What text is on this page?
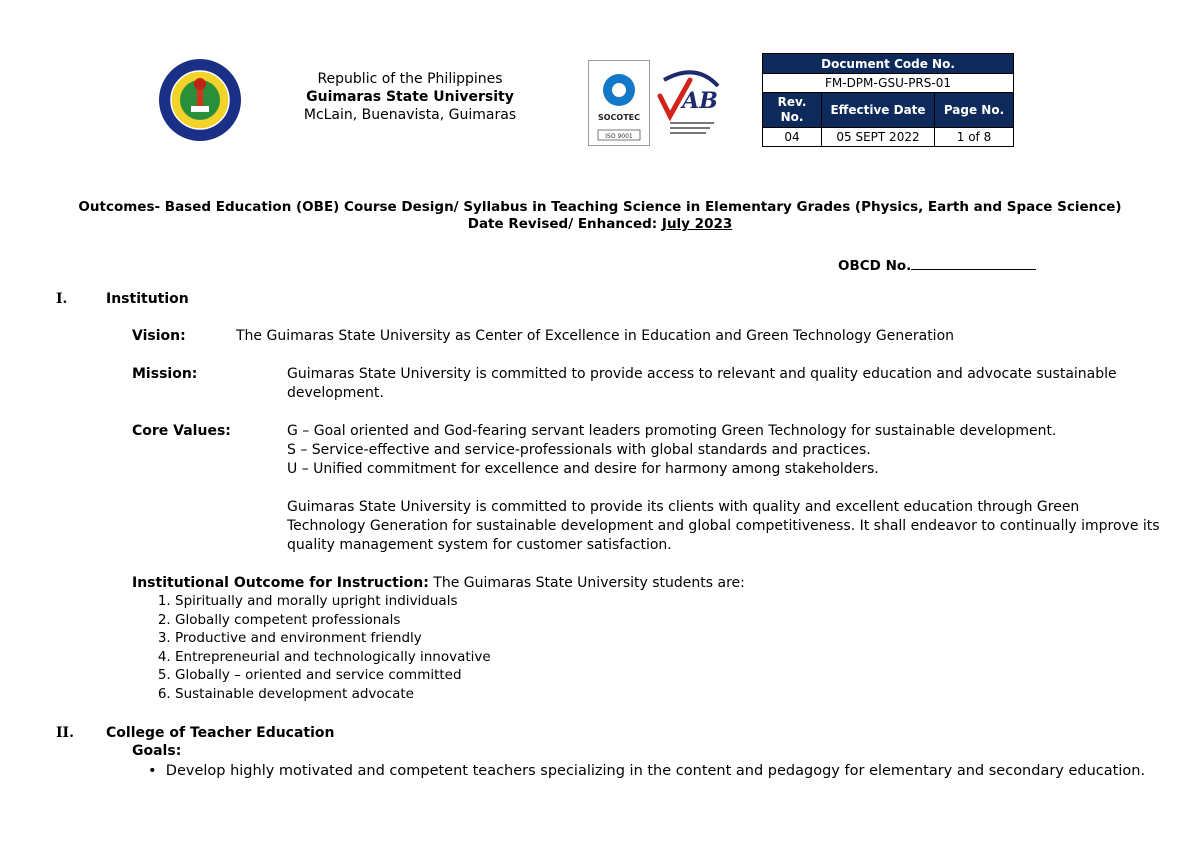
Republic of the Philippines
Guimaras State University
McLain, Buenavista, Guimaras	SOCOTEC
ISO 9001
AB
Document Code No.		
FM-DPM-GSU-PRS-01		
Rev. No.	Effective Date	Page No.
04	05 SEPT 2022	1 of 8
Outcomes- Based Education (OBE) Course Design/ Syllabus in Teaching Science in Elementary Grades (Physics, Earth and Space Science)
Date Revised/ Enhanced: July 2023
OBCD No.
I.	Institution
Vision:	The Guimaras State University as Center of Excellence in Education and Green Technology Generation
Mission:	Guimaras State University is committed to provide access to relevant and quality education and advocate sustainable
development.
Core Values:	G – Goal oriented and God-fearing servant leaders promoting Green Technology for sustainable development.
S – Service-effective and service-professionals with global standards and practices.
U – Unified commitment for excellence and desire for harmony among stakeholders.
Guimaras State University is committed to provide its clients with quality and excellent education through Green
Technology Generation for sustainable development and global competitiveness. It shall endeavor to continually improve its
quality management system for customer satisfaction.
Institutional Outcome for Instruction: The Guimaras State University students are:
1. Spiritually and morally upright individuals
2. Globally competent professionals
3. Productive and environment friendly
4. Entrepreneurial and technologically innovative
5. Globally – oriented and service committed
6. Sustainable development advocate
II. College of Teacher Education
Goals:
•  Develop highly motivated and competent teachers specializing in the content and pedagogy for elementary and secondary education.
